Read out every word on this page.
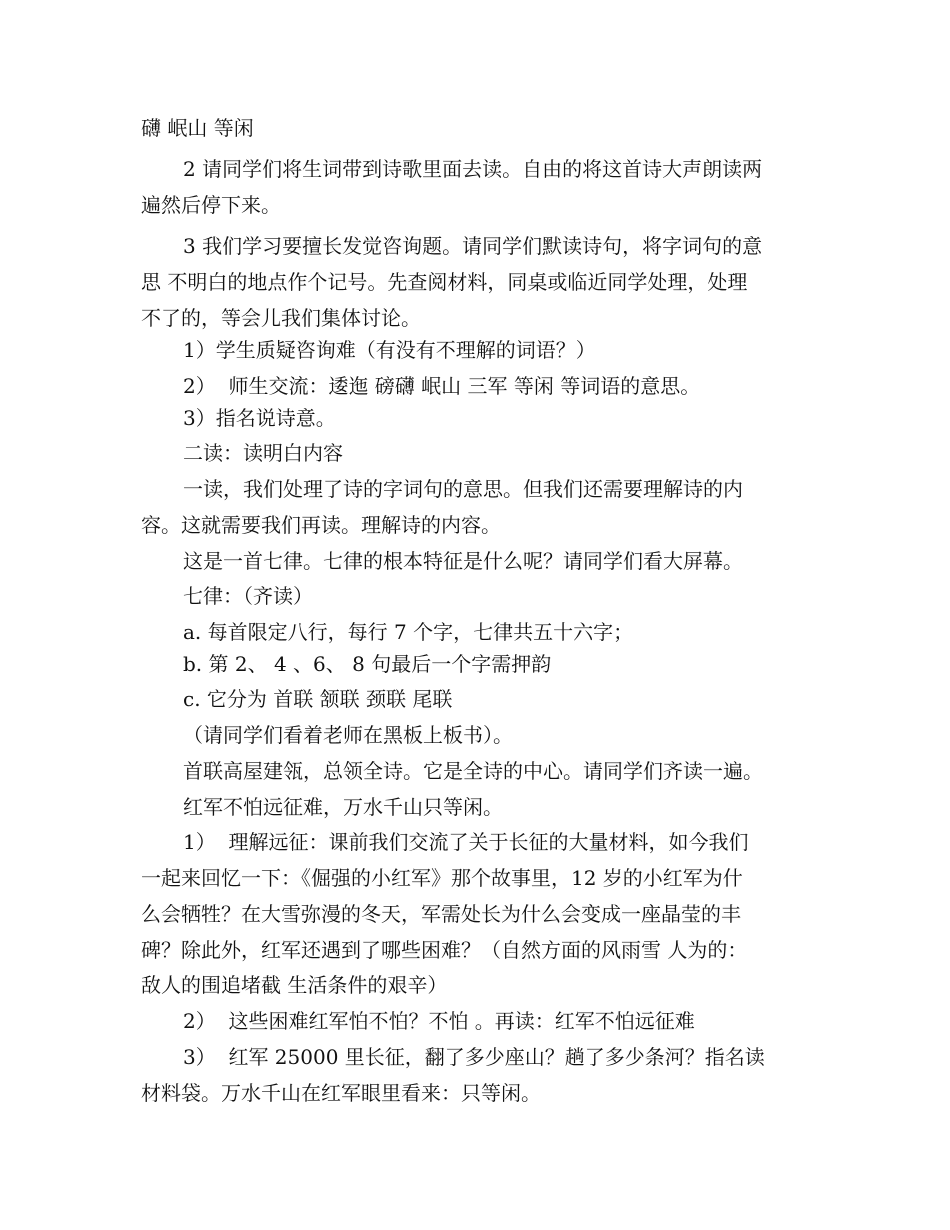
礴 岷山 等闲
2 请同学们将生词带到诗歌里面去读。自由的将这首诗大声朗读两
遍然后停下来。
3 我们学习要擅长发觉咨询题。请同学们默读诗句，将字词句的意
思 不明白的地点作个记号。先查阅材料，同桌或临近同学处理，处理
不了的，等会儿我们集体讨论。
1）学生质疑咨询难（有没有不理解的词语？）
2）  师生交流：逶迤 磅礴 岷山 三军 等闲 等词语的意思。
3）指名说诗意。
二读：读明白内容
一读，我们处理了诗的字词句的意思。但我们还需要理解诗的内
容。这就需要我们再读。理解诗的内容。
这是一首七律。七律的根本特征是什么呢？请同学们看大屏幕。
七律：（齐读）
a. 每首限定八行，每行 7 个字，七律共五十六字；
b. 第 2、 4 、6、 8 句最后一个字需押韵
c. 它分为 首联 颔联 颈联 尾联
（请同学们看着老师在黑板上板书）。
首联高屋建瓴，总领全诗。它是全诗的中心。请同学们齐读一遍。
红军不怕远征难，万水千山只等闲。
1）  理解远征：课前我们交流了关于长征的大量材料，如今我们
一起来回忆一下：《倔强的小红军》那个故事里，12 岁的小红军为什
么会牺牲？在大雪弥漫的冬天，军需处长为什么会变成一座晶莹的丰
碑？除此外，红军还遇到了哪些困难？（自然方面的风雨雪 人为的：
敌人的围追堵截 生活条件的艰辛）
2）  这些困难红军怕不怕？不怕 。再读：红军不怕远征难
3）  红军 25000 里长征，翻了多少座山？趟了多少条河？指名读
材料袋。万水千山在红军眼里看来：只等闲。
